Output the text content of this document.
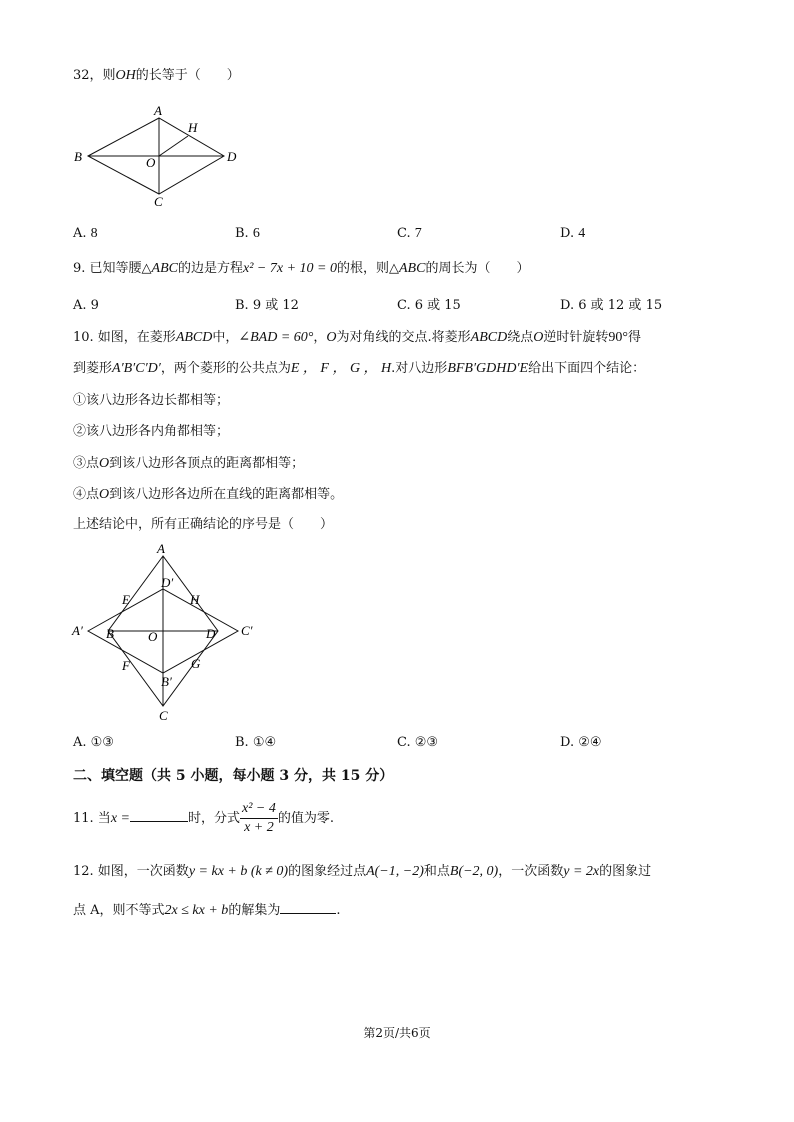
32，则OH的长等于（　　）
A
B
C
D
O
H
A. 8	B. 6	C. 7	D. 4
9. 已知等腰△ABC的边是方程x² − 7x + 10 = 0的根，则△ABC的周长为（　　）
A. 9	B. 9 或 12	C. 6 或 15	D. 6 或 12 或 15
10. 如图，在菱形ABCD中，∠BAD = 60°，O为对角线的交点.将菱形ABCD绕点O逆时针旋转90°得
到菱形A′B′C′D′，两个菱形的公共点为E ， F ， G ， H.对八边形BFB′GDHD′E给出下面四个结论：
①该八边形各边长都相等；
②该八边形各内角都相等；
③点O到该八边形各顶点的距离都相等；
④点O到该八边形各边所在直线的距离都相等。
上述结论中，所有正确结论的序号是（　　）
A
D′
E	H
A′ B	O	D C′
F	G
B′
C
A. ①③	B. ①④	C. ②③	D. ②④
二、填空题（共 5 小题，每小题 3 分，共 15 分）
11. 当x =	时，分式 $\frac{\text{x² − 4}}{x + 2}$ 的值为零.
12. 如图，一次函数y = kx + b (k ≠ 0)的图象经过点A(−1, −2)和点B(−2, 0)，一次函数y = 2x的图象过
点 A，则不等式2x ≤ kx + b的解集为	.
第2页/共6页
